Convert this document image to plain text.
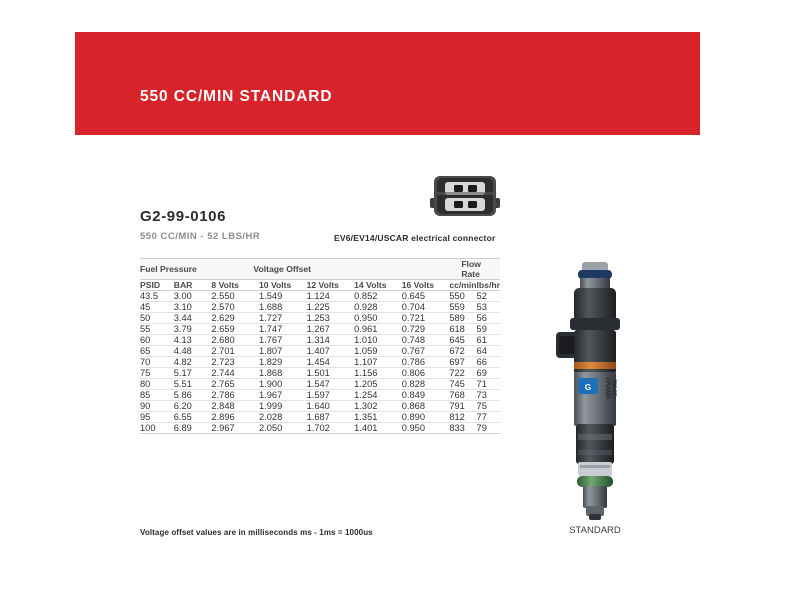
550 CC/MIN STANDARD
G2-99-0106
550 CC/MIN - 52 LBS/HR	EV6/EV14/USCAR electrical connector
Fuel Pressure		Voltage Offset					Flow Rate	
PSID	BAR	8 Volts	10 Volts	12 Volts	14 Volts	16 Volts	cc/min	lbs/hr
43.5	3.00	2.550	1.549	1.124	0.852	0.645	550	52
45	3.10	2.570	1.688	1.225	0.928	0.704	559	53
50	3.44	2.629	1.727	1.253	0.950	0.721	589	56
55	3.79	2.659	1.747	1.267	0.961	0.729	618	59
60	4.13	2.680	1.767	1.314	1.010	0.748	645	61
65	4.48	2.701	1.807	1.407	1.059	0.767	672	64
70	4.82	2.723	1.829	1.454	1.107	0.786	697	66
75	5.17	2.744	1.868	1.501	1.156	0.806	722	69
80	5.51	2.765	1.900	1.547	1.205	0.828	745	71
85	5.86	2.786	1.967	1.597	1.254	0.849	768	73
90	6.20	2.848	1.999	1.640	1.302	0.868	791	75
95	6.55	2.896	2.028	1.687	1.351	0.890	812	77
100	6.89	2.967	2.050	1.702	1.401	0.950	833	79
Voltage offset values are in milliseconds ms - 1ms = 1000us
G GRAMS 550 CC
STANDARD
